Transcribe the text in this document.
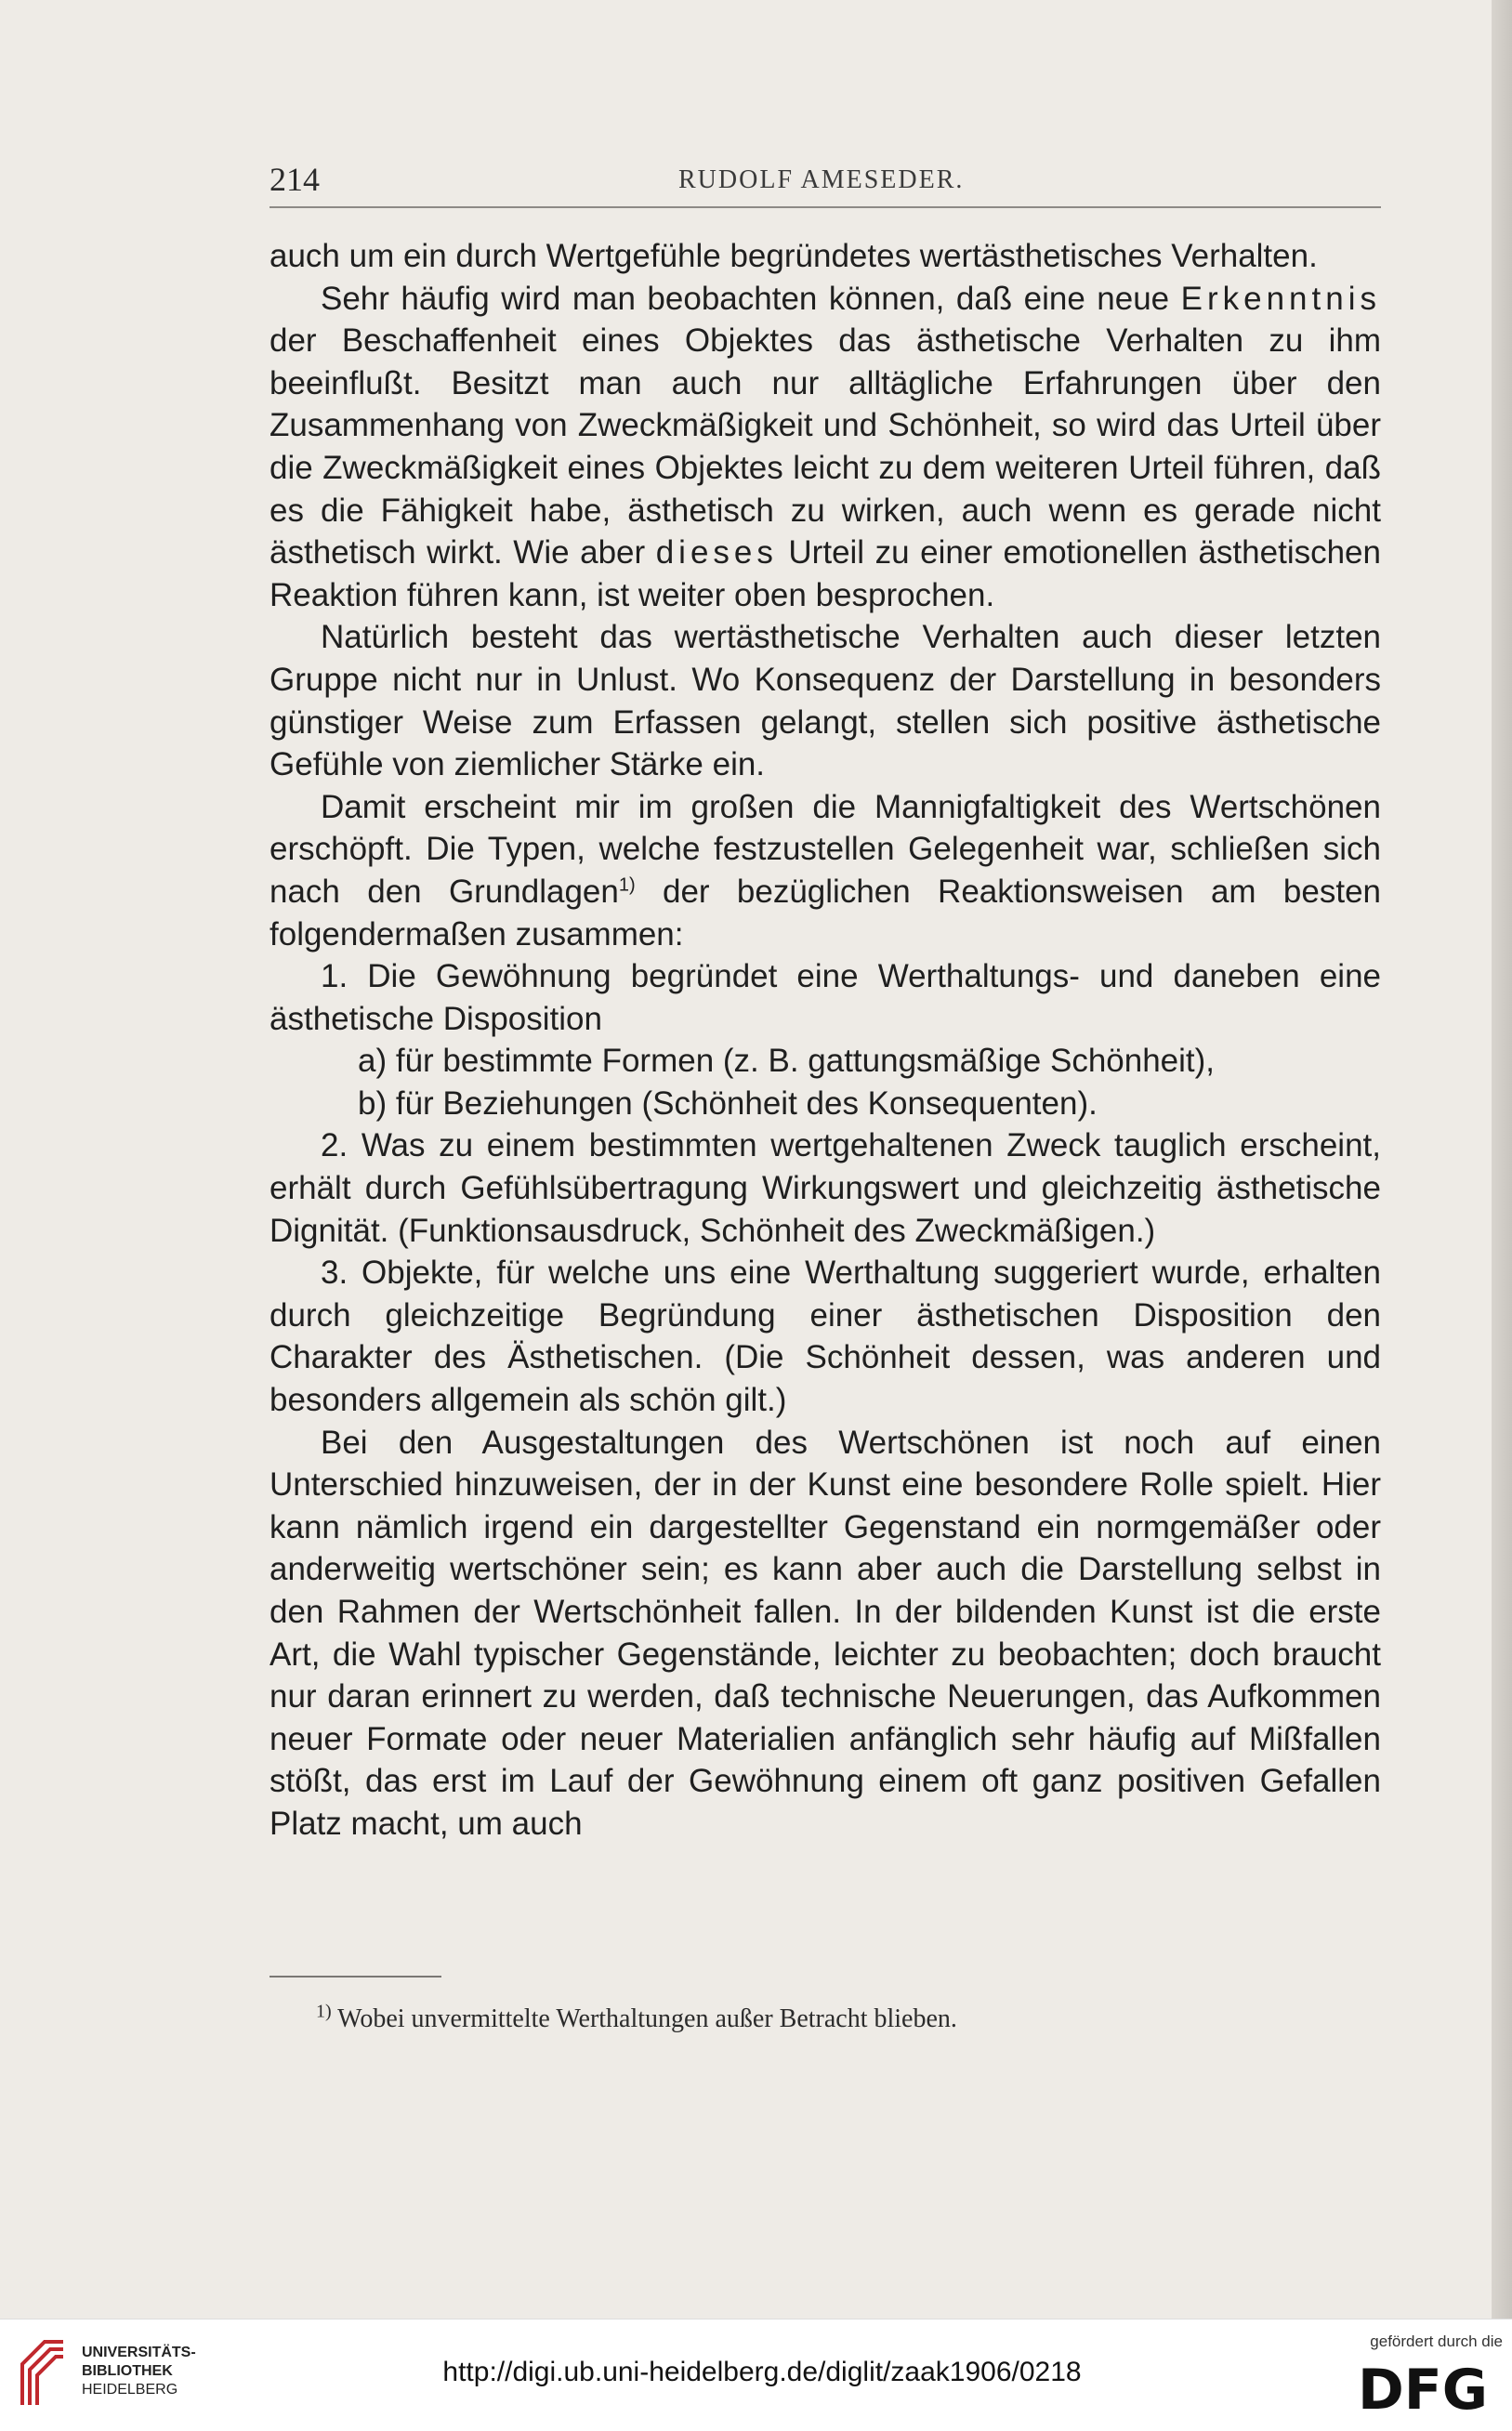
214	RUDOLF AMESEDER.

auch um ein durch Wertgefühle begründetes wertästhetisches Verhalten.

Sehr häufig wird man beobachten können, daß eine neue Erkenntnis der Beschaffenheit eines Objektes das ästhetische Verhalten zu ihm beeinflußt. Besitzt man auch nur alltägliche Erfahrungen über den Zusammenhang von Zweckmäßigkeit und Schönheit, so wird das Urteil über die Zweckmäßigkeit eines Objektes leicht zu dem weiteren Urteil führen, daß es die Fähigkeit habe, ästhetisch zu wirken, auch wenn es gerade nicht ästhetisch wirkt. Wie aber dieses Urteil zu einer emotionellen ästhetischen Reaktion führen kann, ist weiter oben besprochen.

Natürlich besteht das wertästhetische Verhalten auch dieser letzten Gruppe nicht nur in Unlust. Wo Konsequenz der Darstellung in besonders günstiger Weise zum Erfassen gelangt, stellen sich positive ästhetische Gefühle von ziemlicher Stärke ein.

Damit erscheint mir im großen die Mannigfaltigkeit des Wertschönen erschöpft. Die Typen, welche festzustellen Gelegenheit war, schließen sich nach den Grundlagen$^{1)}$ der bezüglichen Reaktionsweisen am besten folgendermaßen zusammen:

1. Die Gewöhnung begründet eine Werthaltungs- und daneben eine ästhetische Disposition

a) für bestimmte Formen (z. B. gattungsmäßige Schönheit),

b) für Beziehungen (Schönheit des Konsequenten).

2. Was zu einem bestimmten wertgehaltenen Zweck tauglich erscheint, erhält durch Gefühlsübertragung Wirkungswert und gleichzeitig ästhetische Dignität. (Funktionsausdruck, Schönheit des Zweckmäßigen.)

3. Objekte, für welche uns eine Werthaltung suggeriert wurde, erhalten durch gleichzeitige Begründung einer ästhetischen Disposition den Charakter des Ästhetischen. (Die Schönheit dessen, was anderen und besonders allgemein als schön gilt.)

Bei den Ausgestaltungen des Wertschönen ist noch auf einen Unterschied hinzuweisen, der in der Kunst eine besondere Rolle spielt. Hier kann nämlich irgend ein dargestellter Gegenstand ein normgemäßer oder anderweitig wertschöner sein; es kann aber auch die Darstellung selbst in den Rahmen der Wertschönheit fallen. In der bildenden Kunst ist die erste Art, die Wahl typischer Gegenstände, leichter zu beobachten; doch braucht nur daran erinnert zu werden, daß technische Neuerungen, das Aufkommen neuer Formate oder neuer Materialien anfänglich sehr häufig auf Mißfallen stößt, das erst im Lauf der Gewöhnung einem oft ganz positiven Gefallen Platz macht, um auch

$^{1)}$ Wobei unvermittelte Werthaltungen außer Betracht blieben.
UNIVERSITÄTS-
BIBLIOTHEK
HEIDELBERG
http://digi.ub.uni-heidelberg.de/diglit/zaak1906/0218
gefördert durch die
DFG
